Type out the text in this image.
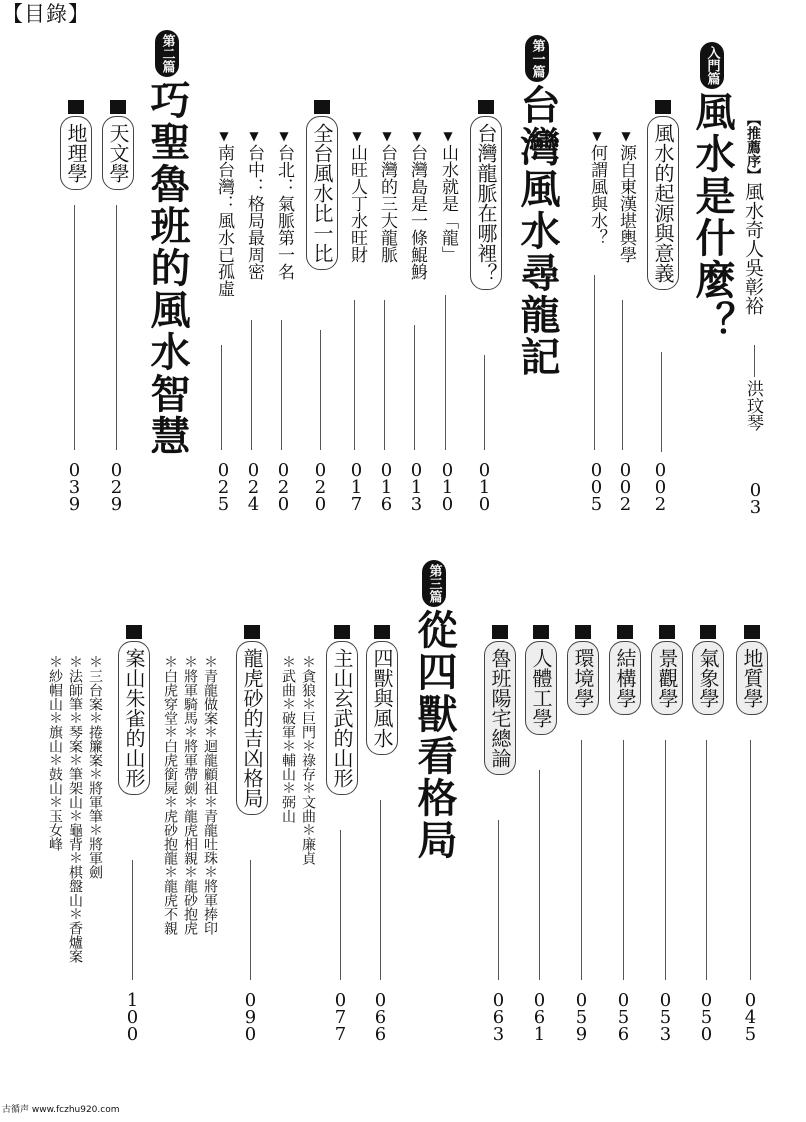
【目錄】
【推薦序】
風水奇人吳彰裕
洪玟琴
03
入門篇
風水是什麼？
風水的起源與意義
002
▼
源自東漢堪輿學
002
▼
何謂風與水？
005
第一篇
台灣風水尋龍記
台灣龍脈在哪裡？
010
▼
山水就是「龍」
010
▼
台灣島是一條鯤鯓
013
▼
台灣的三大龍脈
016
▼
山旺人丁水旺財
017
全台風水比一比
020
▼
台北：氣脈第一名
020
▼
台中：格局最周密
024
▼
南台灣：風水已孤虛
025
第二篇
巧聖魯班的風水智慧
天文學
029
地理學
039
地質學
045
氣象學
050
景觀學
053
結構學
056
環境學
059
人體工學
061
魯班陽宅總論
063
第三篇
從四獸看格局
四獸與風水
066
主山玄武的山形
077
＊貪狼＊巨門＊祿存＊文曲＊廉貞
＊武曲＊破軍＊輔山＊弼山
龍虎砂的吉凶格局
090
＊青龍做案＊迴龍顧祖＊青龍吐珠＊將軍捧印
＊將軍騎馬＊將軍帶劍＊龍虎相親＊龍砂抱虎
＊白虎穿堂＊白虎銜屍＊虎砂抱龍＊龍虎不親
案山朱雀的山形
100
＊三台案＊捲簾案＊將軍筆＊將軍劍
＊法師筆＊琴案＊筆架山＊龜背＊棋盤山＊香爐案
＊紗帽山＊旗山＊鼓山＊玉女峰
古循声 www.fczhu920.com
